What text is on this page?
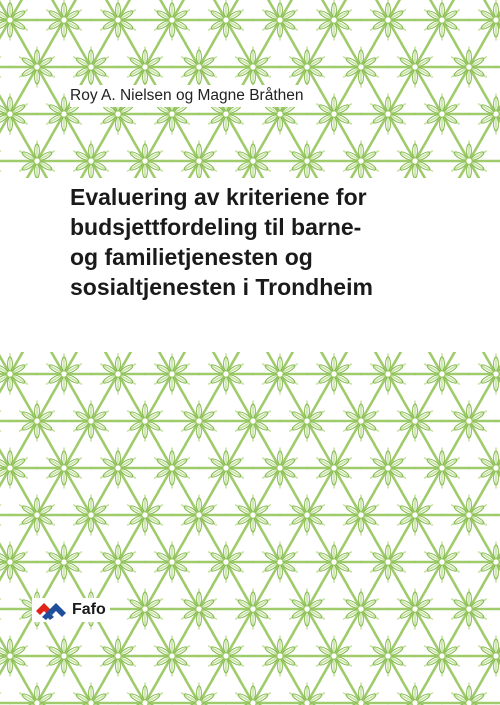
Roy A. Nielsen og Magne Bråthen
Evaluering av kriteriene for
budsjettfordeling til barne-
og familietjenesten og
sosialtjenesten i Trondheim
Fafo
